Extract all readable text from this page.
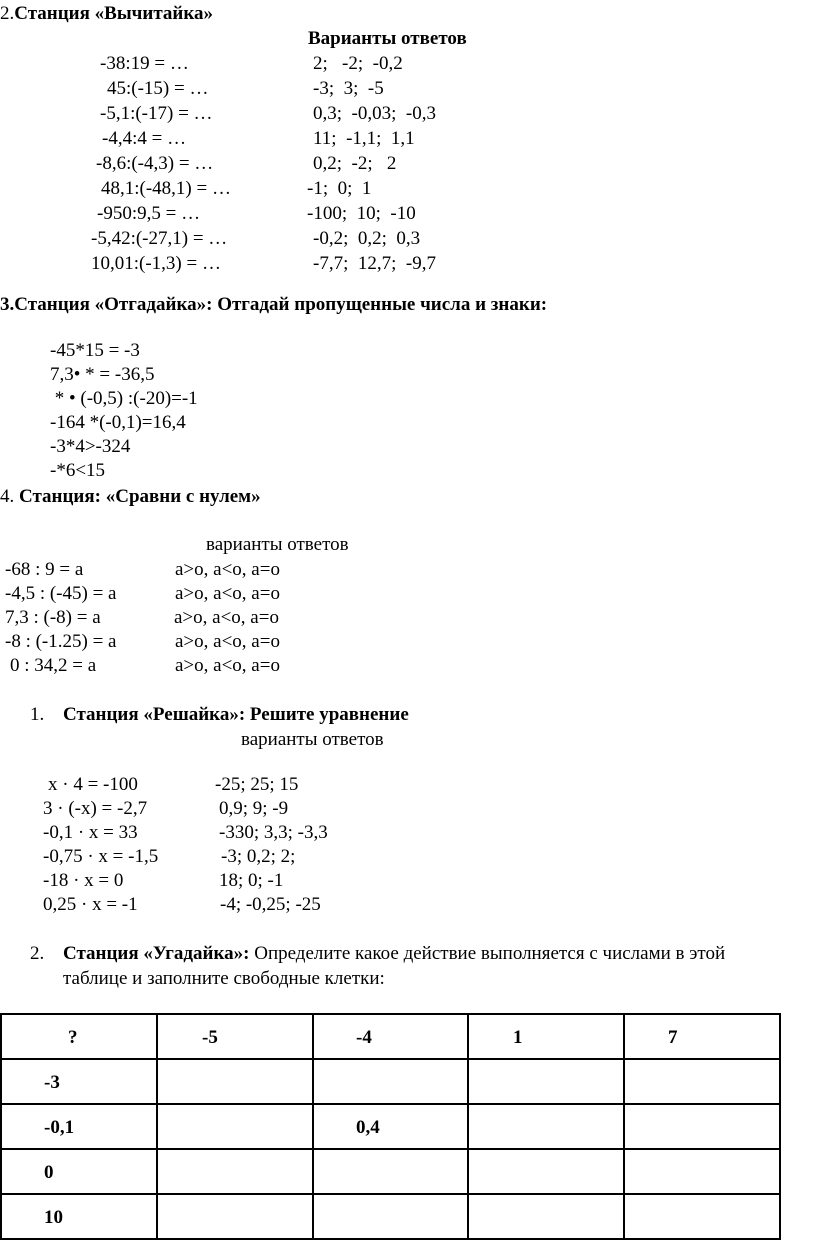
2.Станция «Вычитайка»
Варианты ответов
-38:19 = …	2;   -2;  -0,2
45:(-15) = …	-3;  3;  -5
-5,1:(-17) = …	0,3;  -0,03;  -0,3
-4,4:4 = …	11;  -1,1;  1,1
-8,6:(-4,3) = …	0,2;  -2;   2
48,1:(-48,1) = …	-1;  0;  1
-950:9,5 = …	-100;  10;  -10
-5,42:(-27,1) = …	-0,2;  0,2;  0,3
10,01:(-1,3) = …	-7,7;  12,7;  -9,7
3.Станция «Отгадайка»: Отгадай пропущенные числа и знаки:
-45*15 = -3
7,3• * = -36,5
* • (-0,5) :(-20)=-1
-164 *(-0,1)=16,4
-3*4>-324
-*6<15
4. Станция: «Сравни с нулем»
варианты ответов
-68 : 9 = а	а>о, а<о, а=о
-4,5 : (-45) = а	а>о, а<о, а=о
7,3 : (-8) = а	а>о, а<о, а=о
-8 : (-1.25) = а	а>о, а<о, а=о
0 : 34,2 = а	а>о, а<о, а=о
1. Станция «Решайка»: Решите уравнение
варианты ответов
x · 4 = -100	-25; 25; 15
3 · (-x) = -2,7	0,9; 9; -9
-0,1 · x = 33	-330; 3,3; -3,3
-0,75 · x = -1,5	-3; 0,2; 2;
-18 · x = 0	18; 0; -1
0,25 · x = -1	-4; -0,25; -25
2. Станция «Угадайка»: Определите какое действие выполняется с числами в этой
таблице и заполните свободные клетки:
?	-5	-4	1	7
-3				
-0,1		0,4		
0				
10				
